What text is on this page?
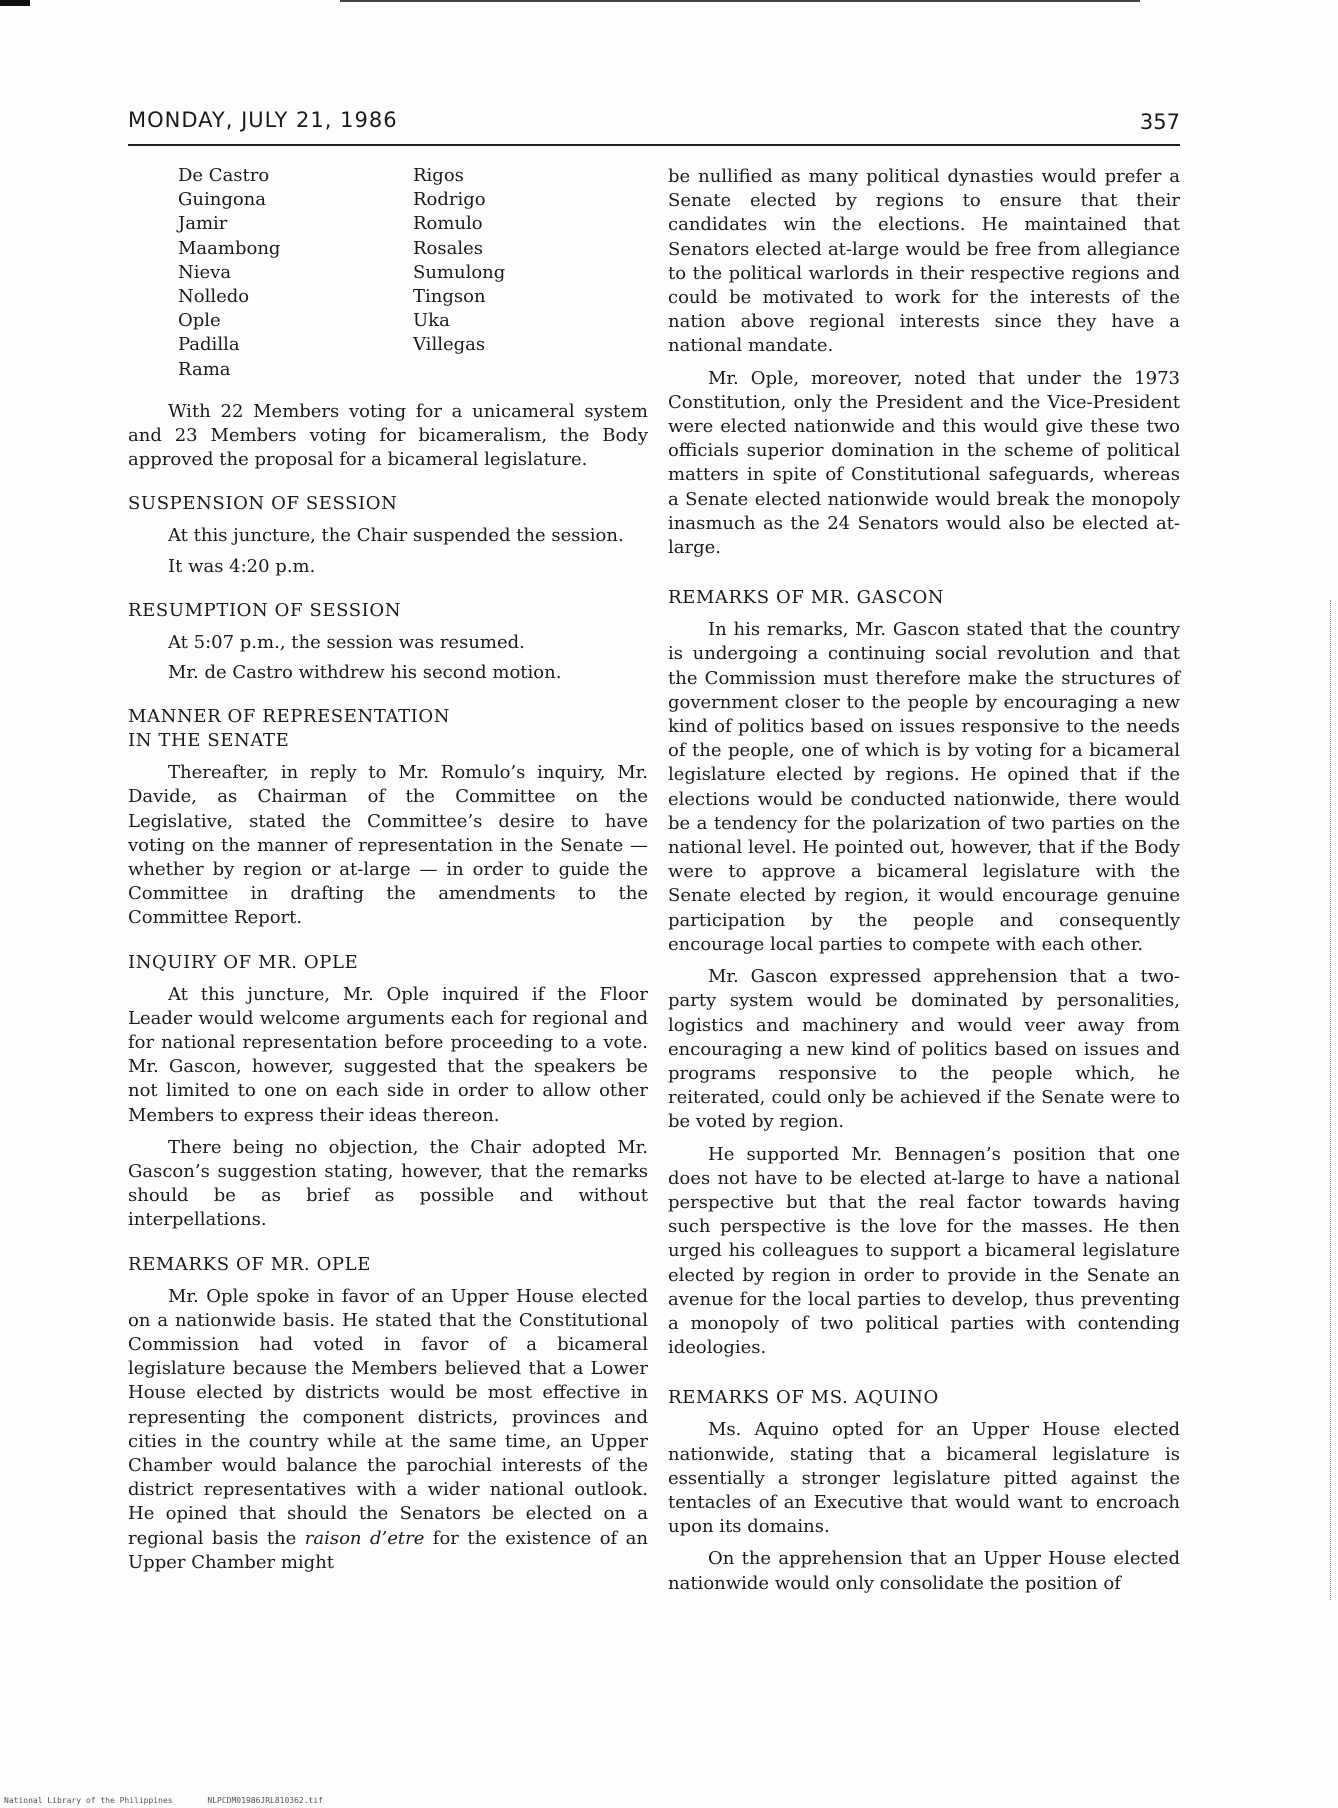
MONDAY, JULY 21, 1986	357
De Castro
Guingona
Jamir
Maambong
Nieva
Nolledo
Ople
Padilla
Rama
Rigos
Rodrigo
Romulo
Rosales
Sumulong
Tingson
Uka
Villegas

With 22 Members voting for a unicameral system and 23 Members voting for bicameralism, the Body approved the proposal for a bicameral legislature.

SUSPENSION OF SESSION

At this juncture, the Chair suspended the session.

It was 4:20 p.m.

RESUMPTION OF SESSION

At 5:07 p.m., the session was resumed.

Mr. de Castro withdrew his second motion.

MANNER OF REPRESENTATION
IN THE SENATE

Thereafter, in reply to Mr. Romulo’s inquiry, Mr. Davide, as Chairman of the Committee on the Legislative, stated the Committee’s desire to have voting on the manner of representation in the Senate — whether by region or at-large — in order to guide the Committee in drafting the amendments to the Committee Report.

INQUIRY OF MR. OPLE

At this juncture, Mr. Ople inquired if the Floor Leader would welcome arguments each for regional and for national representation before proceeding to a vote. Mr. Gascon, however, suggested that the speakers be not limited to one on each side in order to allow other Members to express their ideas thereon.

There being no objection, the Chair adopted Mr. Gascon’s suggestion stating, however, that the remarks should be as brief as possible and without interpellations.

REMARKS OF MR. OPLE

Mr. Ople spoke in favor of an Upper House elected on a nationwide basis. He stated that the Constitutional Commission had voted in favor of a bicameral legislature because the Members believed that a Lower House elected by districts would be most effective in representing the component districts, provinces and cities in the country while at the same time, an Upper Chamber would balance the parochial interests of the district representatives with a wider national outlook. He opined that should the Senators be elected on a regional basis the raison d’etre for the existence of an Upper Chamber might

be nullified as many political dynasties would prefer a Senate elected by regions to ensure that their candidates win the elections. He maintained that Senators elected at-large would be free from allegiance to the political warlords in their respective regions and could be motivated to work for the interests of the nation above regional interests since they have a national mandate.

Mr. Ople, moreover, noted that under the 1973 Constitution, only the President and the Vice-President were elected nationwide and this would give these two officials superior domination in the scheme of political matters in spite of Constitutional safeguards, whereas a Senate elected nationwide would break the monopoly inasmuch as the 24 Senators would also be elected at-large.

REMARKS OF MR. GASCON

In his remarks, Mr. Gascon stated that the country is undergoing a continuing social revolution and that the Commission must therefore make the structures of government closer to the people by encouraging a new kind of politics based on issues responsive to the needs of the people, one of which is by voting for a bicameral legislature elected by regions. He opined that if the elections would be conducted nationwide, there would be a tendency for the polarization of two parties on the national level. He pointed out, however, that if the Body were to approve a bicameral legislature with the Senate elected by region, it would encourage genuine participation by the people and consequently encourage local parties to compete with each other.

Mr. Gascon expressed apprehension that a two-party system would be dominated by personalities, logistics and machinery and would veer away from encouraging a new kind of politics based on issues and programs responsive to the people which, he reiterated, could only be achieved if the Senate were to be voted by region.

He supported Mr. Bennagen’s position that one does not have to be elected at-large to have a national perspective but that the real factor towards having such perspective is the love for the masses. He then urged his colleagues to support a bicameral legislature elected by region in order to provide in the Senate an avenue for the local parties to develop, thus preventing a monopoly of two political parties with contending ideologies.

REMARKS OF MS. AQUINO

Ms. Aquino opted for an Upper House elected nationwide, stating that a bicameral legislature is essentially a stronger legislature pitted against the tentacles of an Executive that would want to encroach upon its domains.

On the apprehension that an Upper House elected nationwide would only consolidate the position of

National Library of the Philippines	NLPCDM01986JRL810362.tif
